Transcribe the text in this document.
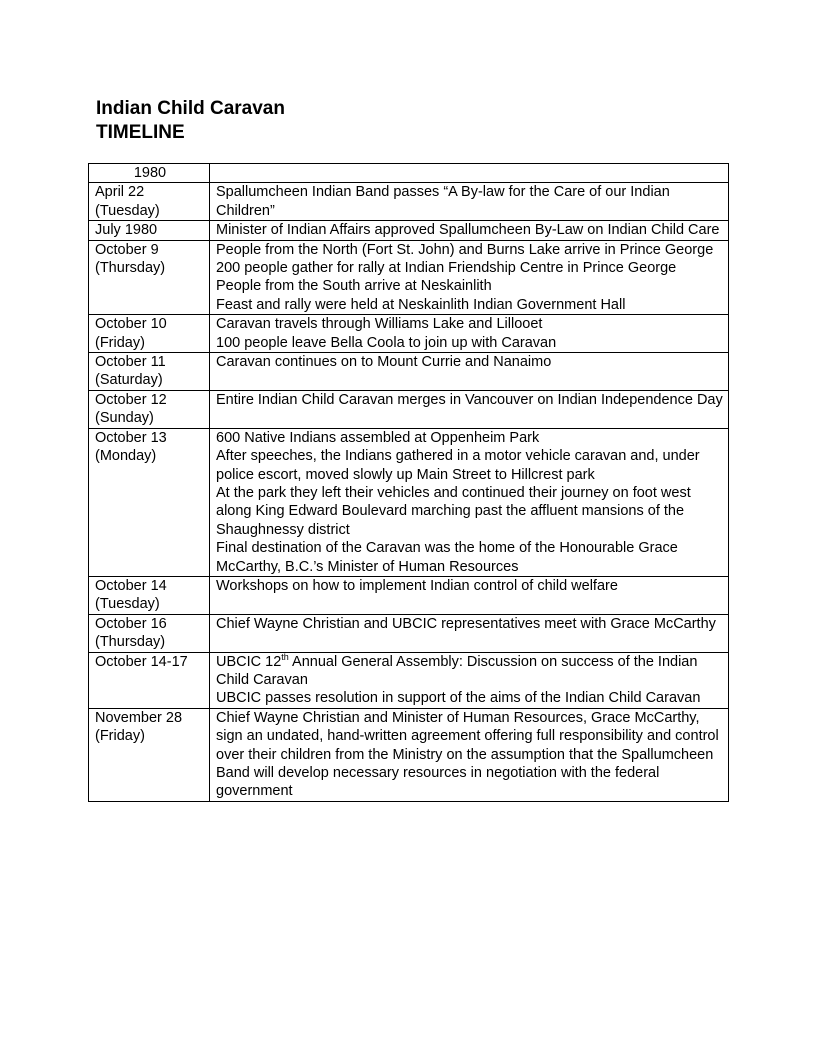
Indian Child Caravan
TIMELINE
1980	

April 22
(Tuesday)	Spallumcheen Indian Band passes “A By-law for the Care of our Indian Children”

July 1980	Minister of Indian Affairs approved Spallumcheen By-Law on Indian Child Care

October 9
(Thursday)	People from the North (Fort St. John) and Burns Lake arrive in Prince George
200 people gather for rally at Indian Friendship Centre in Prince George
People from the South arrive at Neskainlith
Feast and rally were held at Neskainlith Indian Government Hall

October 10
(Friday)	Caravan travels through Williams Lake and Lillooet
100 people leave Bella Coola to join up with Caravan

October 11
(Saturday)	Caravan continues on to Mount Currie and Nanaimo

October 12
(Sunday)	Entire Indian Child Caravan merges in Vancouver on Indian Independence Day

October 13
(Monday)	600 Native Indians assembled at Oppenheim Park
After speeches, the Indians gathered in a motor vehicle caravan and, under police escort, moved slowly up Main Street to Hillcrest park
At the park they left their vehicles and continued their journey on foot west along King Edward Boulevard marching past the affluent mansions of the Shaughnessy district
Final destination of the Caravan was the home of the Honourable Grace McCarthy, B.C.’s Minister of Human Resources

October 14
(Tuesday)	Workshops on how to implement Indian control of child welfare

October 16
(Thursday)	Chief Wayne Christian and UBCIC representatives meet with Grace McCarthy

October 14-17	UBCIC 12th Annual General Assembly: Discussion on success of the Indian Child Caravan
UBCIC passes resolution in support of the aims of the Indian Child Caravan

November 28
(Friday)	Chief Wayne Christian and Minister of Human Resources, Grace McCarthy, sign an undated, hand-written agreement offering full responsibility and control over their children from the Ministry on the assumption that the Spallumcheen Band will develop necessary resources in negotiation with the federal government
